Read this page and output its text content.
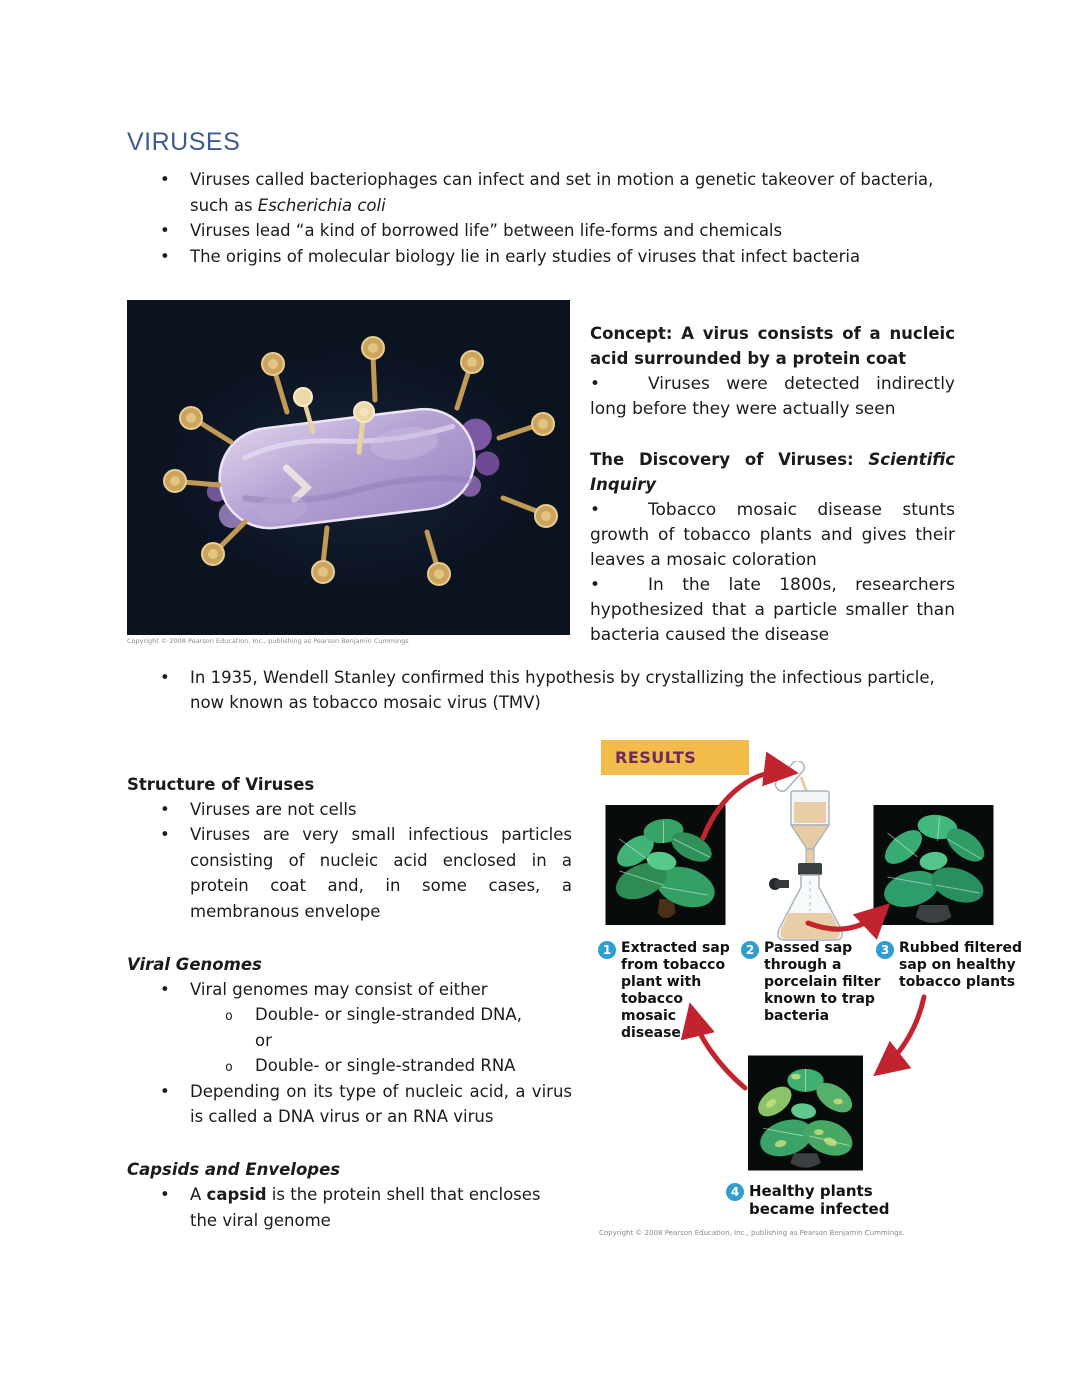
VIRUSES
•
Viruses called bacteriophages can infect and set in motion a genetic takeover of bacteria, such as Escherichia coli
•
Viruses lead “a kind of borrowed life” between life-forms and chemicals
•
The origins of molecular biology lie in early studies of viruses that infect bacteria
Copyright © 2008 Pearson Education, Inc., publishing as Pearson Benjamin Cummings

Concept: A virus consists of a nucleic acid surrounded by a protein coat

•Viruses were detected indirectly long before they were actually seen

The Discovery of Viruses: Scientific Inquiry

•Tobacco mosaic disease stunts growth of tobacco plants and gives their leaves a mosaic coloration

•In the late 1800s, researchers hypothesized that a particle smaller than bacteria caused the disease

•
In 1935, Wendell Stanley confirmed this hypothesis by crystallizing the infectious particle, now known as tobacco mosaic virus (TMV)

Structure of Viruses

•
Viruses are not cells
•
Viruses are very small infectious particles consisting of nucleic acid enclosed in a protein coat and, in some cases, a membranous envelope

Viral Genomes

•
Viral genomes may consist of either
o
Double- or single-stranded DNA,
or
o
Double- or single-stranded RNA
•
Depending on its type of nucleic acid, a virus is called a DNA virus or an RNA virus

Capsids and Envelopes

•
A capsid is the protein shell that encloses the viral genome
RESULTS
1 Extracted sap from tobacco plant with tobacco mosaic disease
2 Passed sap through a porcelain filter known to trap bacteria
3 Rubbed filtered sap on healthy tobacco plants
4 Healthy plants became infected
Copyright © 2008 Pearson Education, Inc., publishing as Pearson Benjamin Cummings.
